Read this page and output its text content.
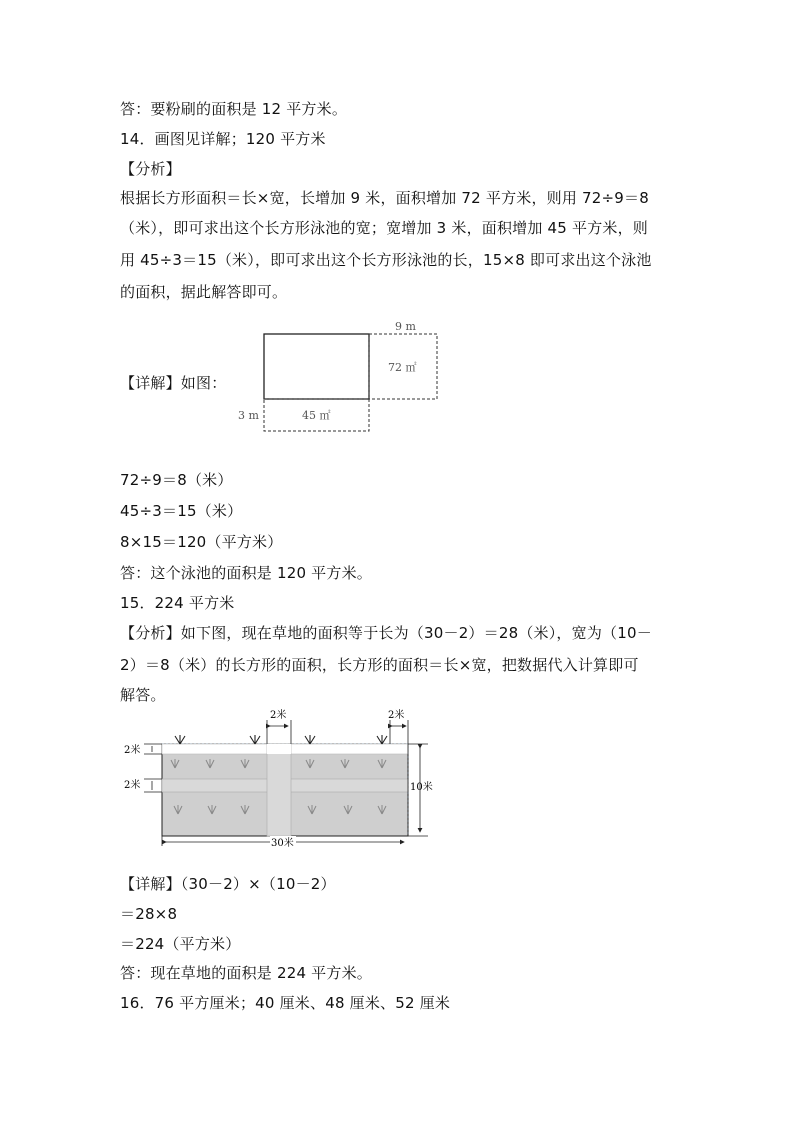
答：要粉刷的面积是 12 平方米。
14．画图见详解；120 平方米
【分析】
根据长方形面积＝长×宽，长增加 9 米，面积增加 72 平方米，则用 72÷9＝8
（米），即可求出这个长方形泳池的宽；宽增加 3 米，面积增加 45 平方米，则
用 45÷3＝15（米），即可求出这个长方形泳池的长，15×8 即可求出这个泳池
的面积，据此解答即可。
【详解】如图：
9 m
72 ㎡
3 m	45 ㎡
72÷9＝8（米）
45÷3＝15（米）
8×15＝120（平方米）
答：这个泳池的面积是 120 平方米。
15．224 平方米
【分析】如下图，现在草地的面积等于长为（30－2）＝28（米），宽为（10－
2）＝8（米）的长方形的面积，长方形的面积＝长×宽，把数据代入计算即可
解答。
2米	2米
2米
2米	10米
30米
【详解】（30－2）×（10－2）
＝28×8
＝224（平方米）
答：现在草地的面积是 224 平方米。
16．76 平方厘米；40 厘米、48 厘米、52 厘米
